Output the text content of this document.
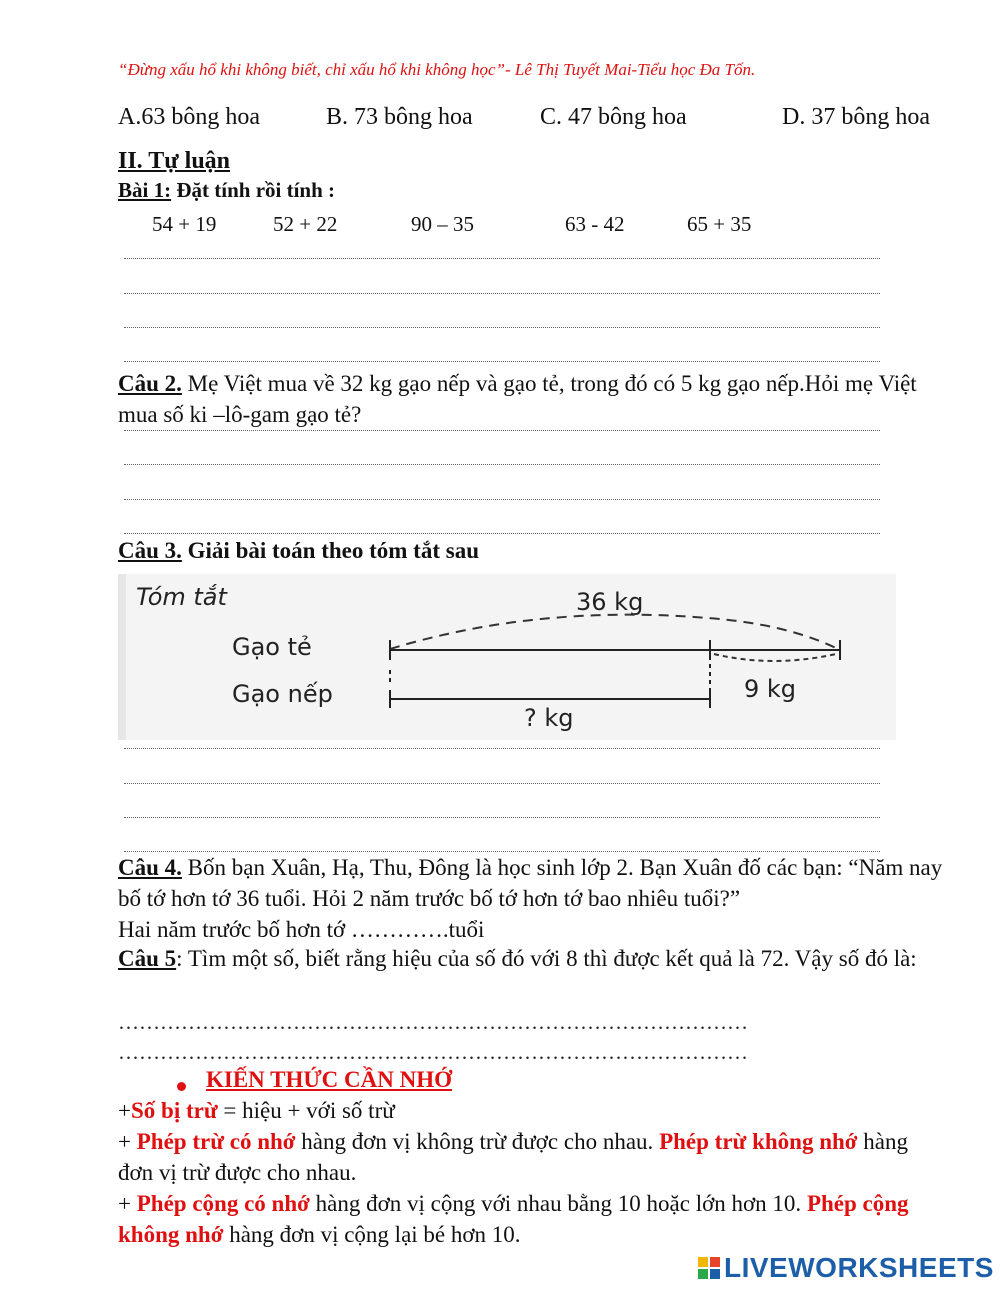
“Đừng xấu hổ khi không biết, chỉ xấu hổ khi không học”- Lê Thị Tuyết Mai-Tiểu học Đa Tốn.
A.63 bông hoa	B. 73 bông hoa	C. 47 bông hoa	D. 37 bông hoa
II. Tự luận
Bài 1: Đặt tính rồi tính :
54 + 19	52 + 22	90 – 35	63 - 42	65 + 35
Câu 2. Mẹ Việt mua về 32 kg gạo nếp và gạo tẻ, trong đó có 5 kg gạo nếp.Hỏi mẹ Việt mua số ki –lô-gam gạo tẻ?
Câu 3. Giải bài toán theo tóm tắt sau
Tóm tắt	36 kg
Gạo tẻ
Gạo nếp	9 kg
? kg
Câu 4. Bốn bạn Xuân, Hạ, Thu, Đông là học sinh lớp 2. Bạn Xuân đố các bạn: “Năm nay bố tớ hơn tớ 36 tuổi. Hỏi 2 năm trước bố tớ hơn tớ bao nhiêu tuổi?”
Hai năm trước bố hơn tớ ………….tuổi
Câu 5: Tìm một số, biết rằng hiệu của số đó với 8 thì được kết quả là 72. Vậy số đó là:
………………………………………………………………………………
………………………………………………………………………………
KIẾN THỨC CẦN NHỚ
+Số bị trừ = hiệu + với số trừ
+ Phép trừ có nhớ hàng đơn vị không trừ được cho nhau. Phép trừ không nhớ hàng đơn vị trừ được cho nhau.
+ Phép cộng có nhớ hàng đơn vị cộng với nhau bằng 10 hoặc lớn hơn 10. Phép cộng không nhớ hàng đơn vị cộng lại bé hơn 10.
LIVEWORKSHEETS
